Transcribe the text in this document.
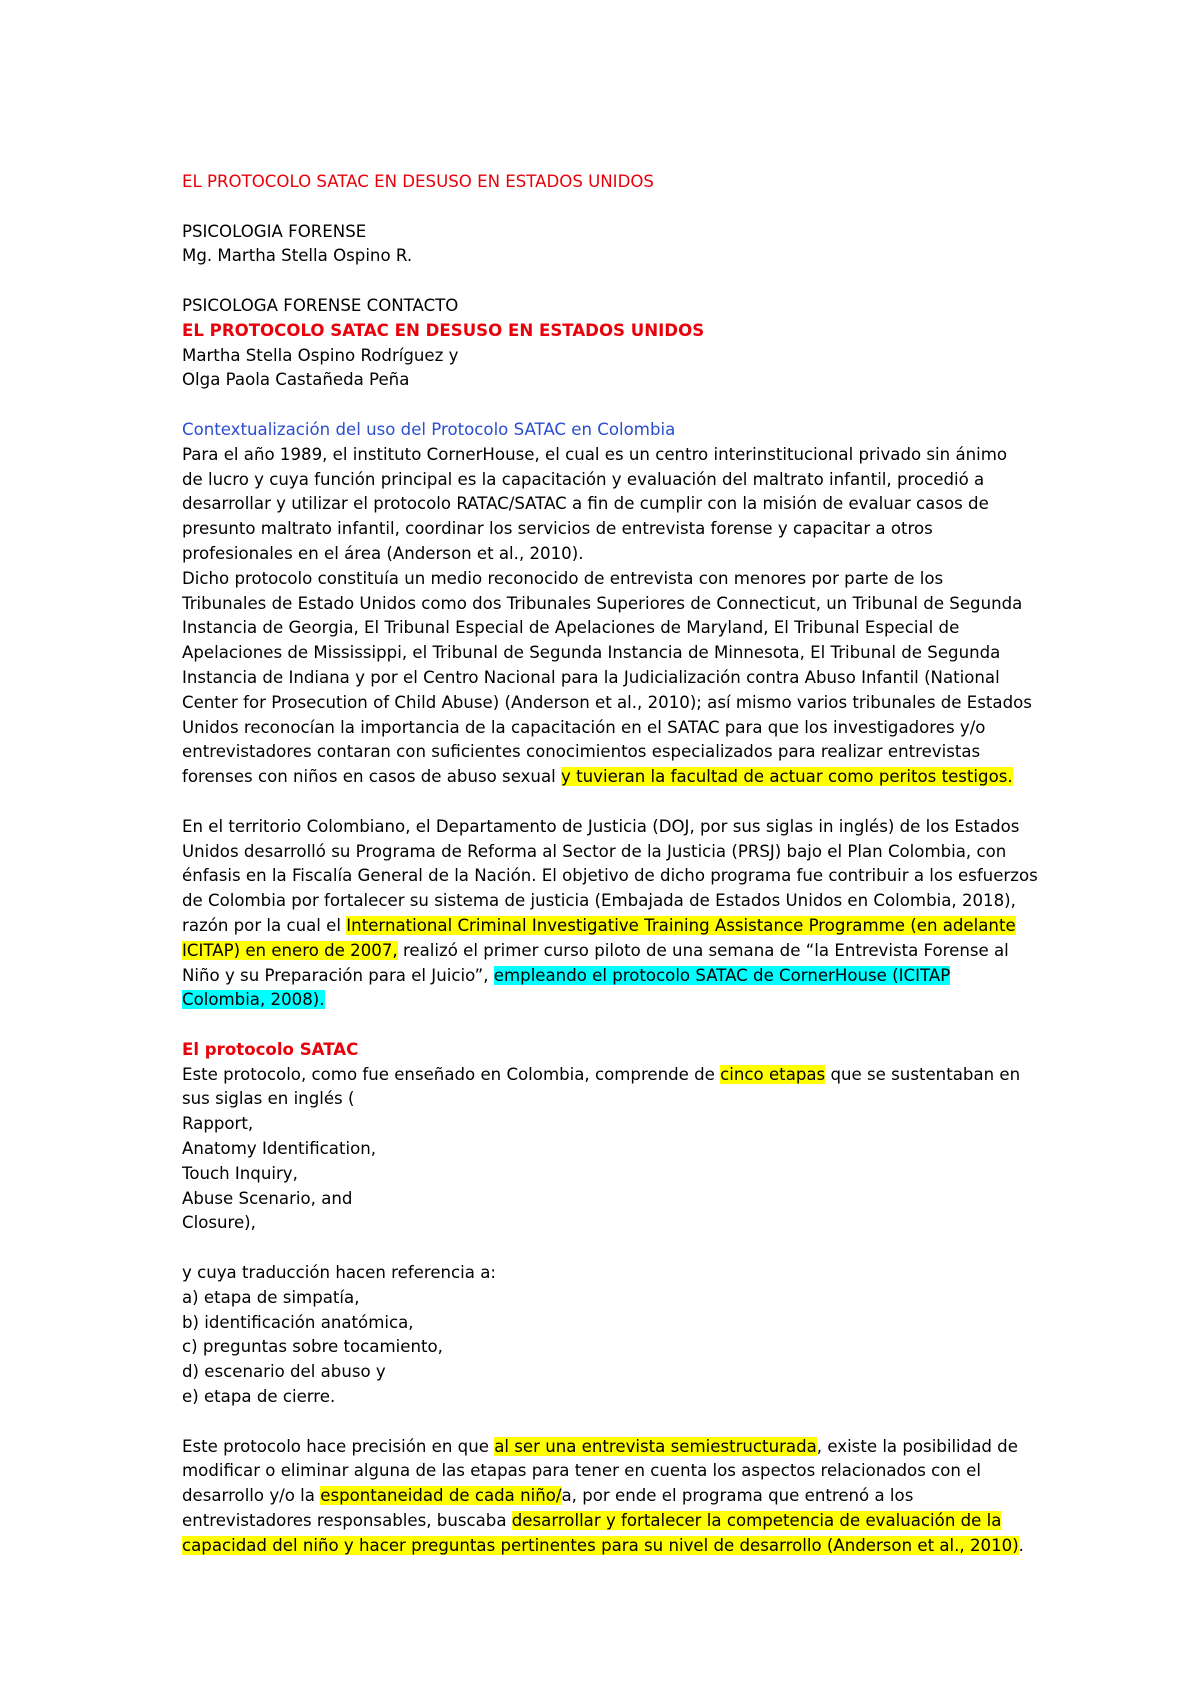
EL PROTOCOLO SATAC EN DESUSO EN ESTADOS UNIDOS
PSICOLOGIA FORENSE
Mg. Martha Stella Ospino R.
PSICOLOGA FORENSE CONTACTO
EL PROTOCOLO SATAC EN DESUSO EN ESTADOS UNIDOS
Martha Stella Ospino Rodríguez y
Olga Paola Castañeda Peña
Contextualización del uso del Protocolo SATAC en Colombia
Para el año 1989, el instituto CornerHouse, el cual es un centro interinstitucional privado sin ánimo
de lucro y cuya función principal es la capacitación y evaluación del maltrato infantil, procedió a
desarrollar y utilizar el protocolo RATAC/SATAC a fin de cumplir con la misión de evaluar casos de
presunto maltrato infantil, coordinar los servicios de entrevista forense y capacitar a otros
profesionales en el área (Anderson et al., 2010).
Dicho protocolo constituía un medio reconocido de entrevista con menores por parte de los
Tribunales de Estado Unidos como dos Tribunales Superiores de Connecticut, un Tribunal de Segunda
Instancia de Georgia, El Tribunal Especial de Apelaciones de Maryland, El Tribunal Especial de
Apelaciones de Mississippi, el Tribunal de Segunda Instancia de Minnesota, El Tribunal de Segunda
Instancia de Indiana y por el Centro Nacional para la Judicialización contra Abuso Infantil (National
Center for Prosecution of Child Abuse) (Anderson et al., 2010); así mismo varios tribunales de Estados
Unidos reconocían la importancia de la capacitación en el SATAC para que los investigadores y/o
entrevistadores contaran con suficientes conocimientos especializados para realizar entrevistas
forenses con niños en casos de abuso sexual y tuvieran la facultad de actuar como peritos testigos.
En el territorio Colombiano, el Departamento de Justicia (DOJ, por sus siglas in inglés) de los Estados
Unidos desarrolló su Programa de Reforma al Sector de la Justicia (PRSJ) bajo el Plan Colombia, con
énfasis en la Fiscalía General de la Nación. El objetivo de dicho programa fue contribuir a los esfuerzos
de Colombia por fortalecer su sistema de justicia (Embajada de Estados Unidos en Colombia, 2018),
razón por la cual el International Criminal Investigative Training Assistance Programme (en adelante
ICITAP) en enero de 2007, realizó el primer curso piloto de una semana de “la Entrevista Forense al
Niño y su Preparación para el Juicio”, empleando el protocolo SATAC de CornerHouse (ICITAP
Colombia, 2008).
El protocolo SATAC
Este protocolo, como fue enseñado en Colombia, comprende de cinco etapas que se sustentaban en
sus siglas en inglés (
Rapport,
Anatomy Identification,
Touch Inquiry,
Abuse Scenario, and
Closure),
y cuya traducción hacen referencia a:
a) etapa de simpatía,
b) identificación anatómica,
c) preguntas sobre tocamiento,
d) escenario del abuso y
e) etapa de cierre.
Este protocolo hace precisión en que al ser una entrevista semiestructurada, existe la posibilidad de
modificar o eliminar alguna de las etapas para tener en cuenta los aspectos relacionados con el
desarrollo y/o la espontaneidad de cada niño/a, por ende el programa que entrenó a los
entrevistadores responsables, buscaba desarrollar y fortalecer la competencia de evaluación de la
capacidad del niño y hacer preguntas pertinentes para su nivel de desarrollo (Anderson et al., 2010).
